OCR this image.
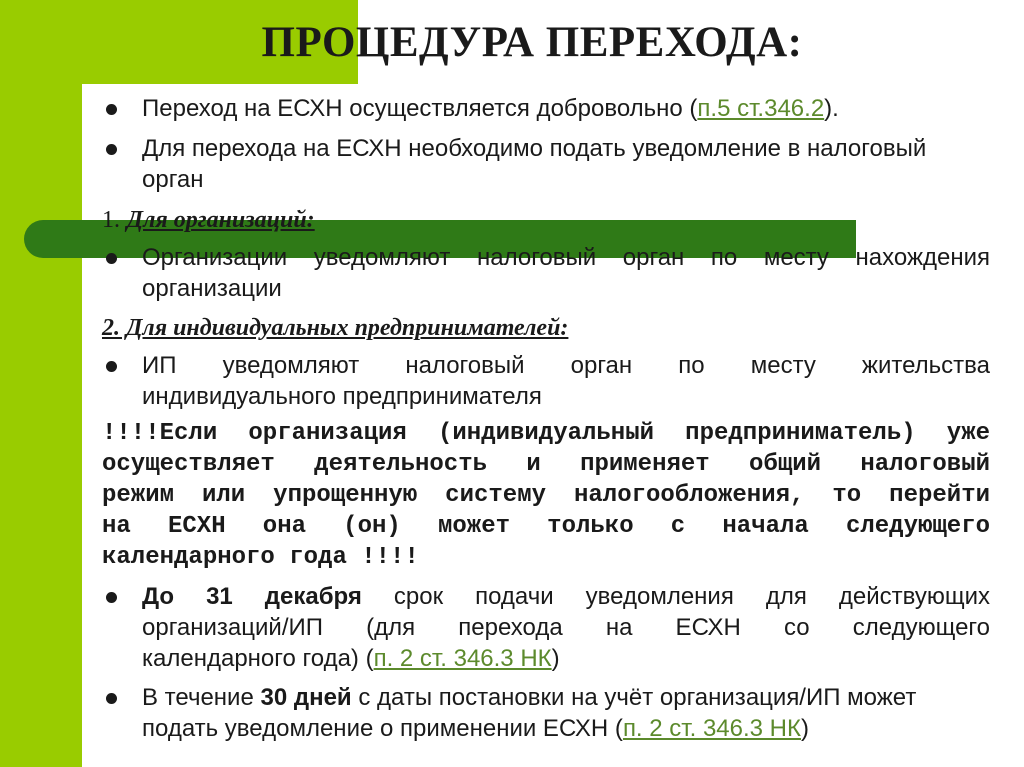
ПРОЦЕДУРА ПЕРЕХОДА:
Переход на ЕСХН осуществляется добровольно (п.5 ст.346.2).
Для перехода на ЕСХН необходимо подать уведомление в налоговый
орган
1. Для организаций:
Организации уведомляют налоговый орган по месту нахождения
организации
2. Для индивидуальных предпринимателей:
ИП уведомляют налоговый орган по месту жительства
индивидуального предпринимателя
!!!!Если организация (индивидуальный предприниматель) уже
осуществляет деятельность и применяет общий налоговый
режим или упрощенную систему налогообложения, то перейти
на ЕСХН она (он) может только с начала следующего
календарного года !!!!
До 31 декабря срок подачи уведомления для действующих
организаций/ИП (для перехода на ЕСХН со следующего
календарного года) (п. 2 ст. 346.3 НК)
В течение 30 дней с даты постановки на учёт организация/ИП может
подать уведомление о применении ЕСХН (п. 2 ст. 346.3 НК)
